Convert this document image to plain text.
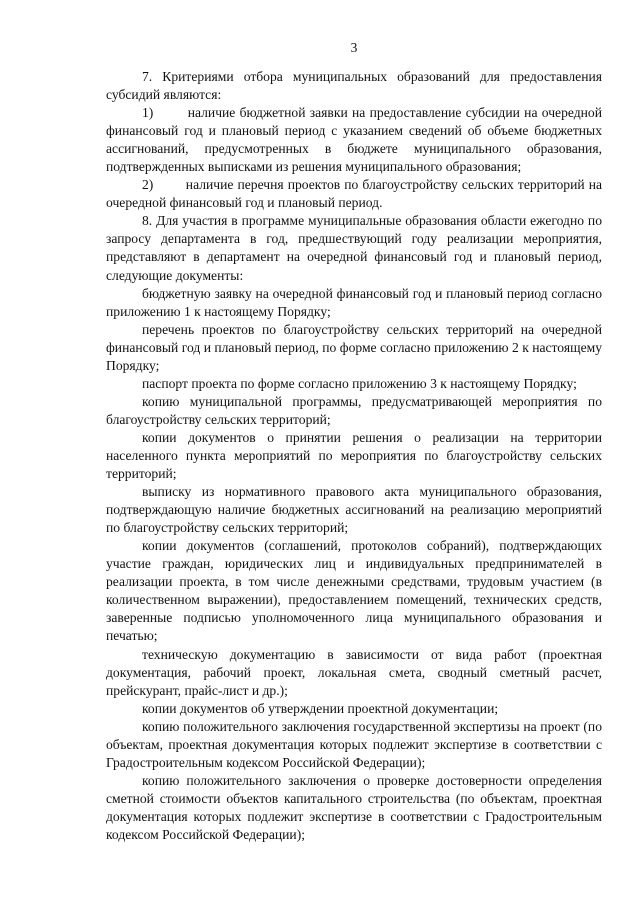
3

7. Критериями отбора муниципальных образований для предоставления субсидий являются:

1)        наличие бюджетной заявки на предоставление субсидии на очередной финансовый год и плановый период с указанием сведений об объеме бюджетных ассигнований, предусмотренных в бюджете муниципального образования, подтвержденных выписками из решения муниципального образования;

2)        наличие перечня проектов по благоустройству сельских территорий на очередной финансовый год и плановый период.

8. Для участия в программе муниципальные образования области ежегодно по запросу департамента в год, предшествующий году реализации мероприятия, представляют в департамент на очередной финансовый год и плановый период, следующие документы:

бюджетную заявку на очередной финансовый год и плановый период согласно приложению 1 к настоящему Порядку;

перечень проектов по благоустройству сельских территорий на очередной финансовый год и плановый период, по форме согласно приложению 2 к настоящему Порядку;

паспорт проекта по форме согласно приложению 3 к настоящему Порядку;

копию муниципальной программы, предусматривающей мероприятия по благоустройству сельских территорий;

копии документов о принятии решения о реализации на территории населенного пункта мероприятий по мероприятия по благоустройству сельских территорий;

выписку из нормативного правового акта муниципального образования, подтверждающую наличие бюджетных ассигнований на реализацию мероприятий по благоустройству сельских территорий;

копии документов (соглашений, протоколов собраний), подтверждающих участие граждан, юридических лиц и индивидуальных предпринимателей в реализации проекта, в том числе денежными средствами, трудовым участием (в количественном выражении), предоставлением помещений, технических средств, заверенные подписью уполномоченного лица муниципального образования и печатью;

техническую документацию в зависимости от вида работ (проектная документация, рабочий проект, локальная смета, сводный сметный расчет, прейскурант, прайс-лист и др.);

копии документов об утверждении проектной документации;

копию положительного заключения государственной экспертизы на проект (по объектам, проектная документация которых подлежит экспертизе в соответствии с Градостроительным кодексом Российской Федерации);

копию положительного заключения о проверке достоверности определения сметной стоимости объектов капитального строительства (по объектам, проектная документация которых подлежит экспертизе в соответствии с Градостроительным кодексом Российской Федерации);
